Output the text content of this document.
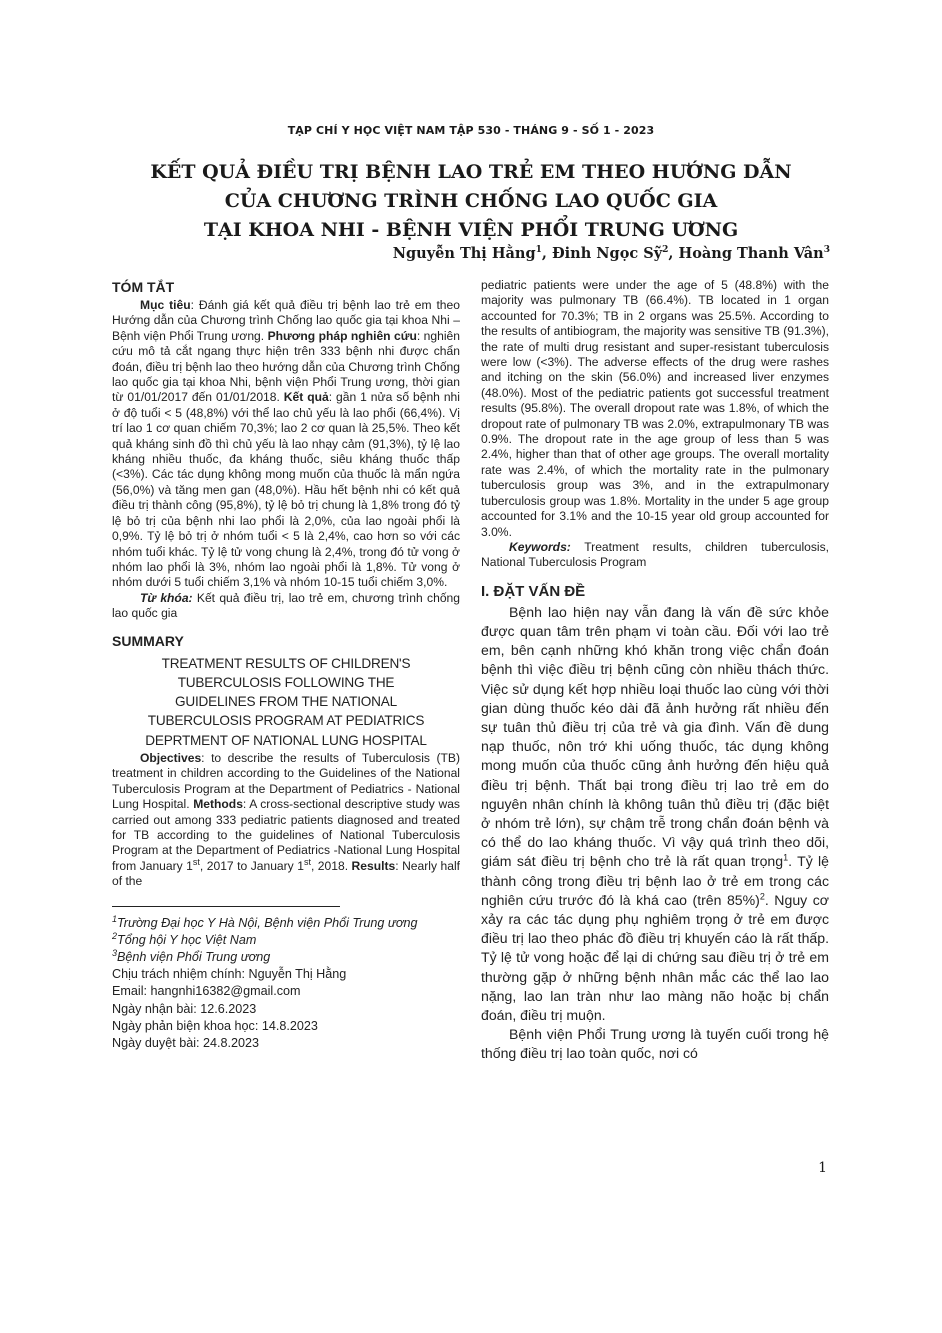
TẠP CHÍ Y HỌC VIỆT NAM TẬP 530 - THÁNG 9 - SỐ 1 - 2023
KẾT QUẢ ĐIỀU TRỊ BỆNH LAO TRẺ EM THEO HƯỚNG DẪN
CỦA CHƯƠNG TRÌNH CHỐNG LAO QUỐC GIA
TẠI KHOA NHI - BỆNH VIỆN PHỔI TRUNG ƯƠNG
Nguyễn Thị Hằng$^1$, Đinh Ngọc Sỹ$^2$, Hoàng Thanh Vân$^3$
TÓM TẮT

Mục tiêu: Đánh giá kết quả điều trị bệnh lao trẻ em theo Hướng dẫn của Chương trình Chống lao quốc gia tại khoa Nhi – Bệnh viện Phổi Trung ương. Phương pháp nghiên cứu: nghiên cứu mô tả cắt ngang thực hiện trên 333 bệnh nhi được chẩn đoán, điều trị bệnh lao theo hướng dẫn của Chương trình Chống lao quốc gia tại khoa Nhi, bệnh viện Phổi Trung ương, thời gian từ 01/01/2017 đến 01/01/2018. Kết quả: gần 1 nửa số bệnh nhi ở độ tuổi < 5 (48,8%) với thể lao chủ yếu là lao phổi (66,4%). Vị trí lao 1 cơ quan chiếm 70,3%; lao 2 cơ quan là 25,5%. Theo kết quả kháng sinh đồ thì chủ yếu là lao nhạy cảm (91,3%), tỷ lệ lao kháng nhiều thuốc, đa kháng thuốc, siêu kháng thuốc thấp (<3%). Các tác dụng không mong muốn của thuốc là mẩn ngứa (56,0%) và tăng men gan (48,0%). Hầu hết bệnh nhi có kết quả điều trị thành công (95,8%), tỷ lệ bỏ trị chung là 1,8% trong đó tỷ lệ bỏ trị của bệnh nhi lao phổi là 2,0%, của lao ngoài phổi là 0,9%. Tỷ lệ bỏ trị ở nhóm tuổi < 5 là 2,4%, cao hơn so với các nhóm tuổi khác. Tỷ lệ tử vong chung là 2,4%, trong đó tử vong ở nhóm lao phổi là 3%, nhóm lao ngoài phổi là 1,8%. Tử vong ở nhóm dưới 5 tuổi chiếm 3,1% và nhóm 10-15 tuổi chiếm 3,0%.

Từ khóa: Kết quả điều trị, lao trẻ em, chương trình chống lao quốc gia

SUMMARY
TREATMENT RESULTS OF CHILDREN'S
TUBERCULOSIS FOLLOWING THE
GUIDELINES FROM THE NATIONAL
TUBERCULOSIS PROGRAM AT PEDIATRICS
DEPRTMENT OF NATIONAL LUNG HOSPITAL

Objectives: to describe the results of Tuberculosis (TB) treatment in children according to the Guidelines of the National Tuberculosis Program at the Department of Pediatrics - National Lung Hospital. Methods: A cross-sectional descriptive study was carried out among 333 pediatric patients diagnosed and treated for TB according to the guidelines of National Tuberculosis Program at the Department of Pediatrics -National Lung Hospital from January 1st, 2017 to January 1st, 2018. Results: Nearly half of the

$^1$Trường Đại học Y Hà Nội, Bệnh viện Phổi Trung ương
$^2$Tổng hội Y học Việt Nam
$^3$Bệnh viện Phổi Trung ương
Chịu trách nhiệm chính: Nguyễn Thị Hằng
Email: hangnhi16382@gmail.com
Ngày nhận bài: 12.6.2023
Ngày phản biện khoa học: 14.8.2023
Ngày duyệt bài: 24.8.2023

pediatric patients were under the age of 5 (48.8%) with the majority was pulmonary TB (66.4%). TB located in 1 organ accounted for 70.3%; TB in 2 organs was 25.5%. According to the results of antibiogram, the majority was sensitive TB (91.3%), the rate of multi drug resistant and super-resistant tuberculosis were low (<3%). The adverse effects of the drug were rashes and itching on the skin (56.0%) and increased liver enzymes (48.0%). Most of the pediatric patients got successful treatment results (95.8%). The overall dropout rate was 1.8%, of which the dropout rate of pulmonary TB was 2.0%, extrapulmonary TB was 0.9%. The dropout rate in the age group of less than 5 was 2.4%, higher than that of other age groups. The overall mortality rate was 2.4%, of which the mortality rate in the pulmonary tuberculosis group was 3%, and in the extrapulmonary tuberculosis group was 1.8%. Mortality in the under 5 age group accounted for 3.1% and the 10-15 year old group accounted for 3.0%.

Keywords: Treatment results, children tuberculosis, National Tuberculosis Program

I. ĐẶT VẤN ĐỀ

Bệnh lao hiện nay vẫn đang là vấn đề sức khỏe được quan tâm trên phạm vi toàn cầu. Đối với lao trẻ em, bên cạnh những khó khăn trong việc chẩn đoán bệnh thì việc điều trị bệnh cũng còn nhiều thách thức. Việc sử dụng kết hợp nhiều loại thuốc lao cùng với thời gian dùng thuốc kéo dài đã ảnh hưởng rất nhiều đến sự tuân thủ điều trị của trẻ và gia đình. Vấn đề dung nạp thuốc, nôn trớ khi uống thuốc, tác dụng không mong muốn của thuốc cũng ảnh hưởng đến hiệu quả điều trị bệnh. Thất bại trong điều trị lao trẻ em do nguyên nhân chính là không tuân thủ điều trị (đặc biệt ở nhóm trẻ lớn), sự chậm trễ trong chẩn đoán bệnh và có thể do lao kháng thuốc. Vì vậy quá trình theo dõi, giám sát điều trị bệnh cho trẻ là rất quan trọng$^1$. Tỷ lệ thành công trong điều trị bệnh lao ở trẻ em trong các nghiên cứu trước đó là khá cao (trên 85%)$^2$. Nguy cơ xảy ra các tác dụng phụ nghiêm trọng ở trẻ em được điều trị lao theo phác đồ điều trị khuyến cáo là rất thấp. Tỷ lệ tử vong hoặc để lại di chứng sau điều trị ở trẻ em thường gặp ở những bệnh nhân mắc các thể lao lao nặng, lao lan tràn như lao màng não hoặc bị chẩn đoán, điều trị muộn.

Bệnh viện Phổi Trung ương là tuyến cuối trong hệ thống điều trị lao toàn quốc, nơi có

1
